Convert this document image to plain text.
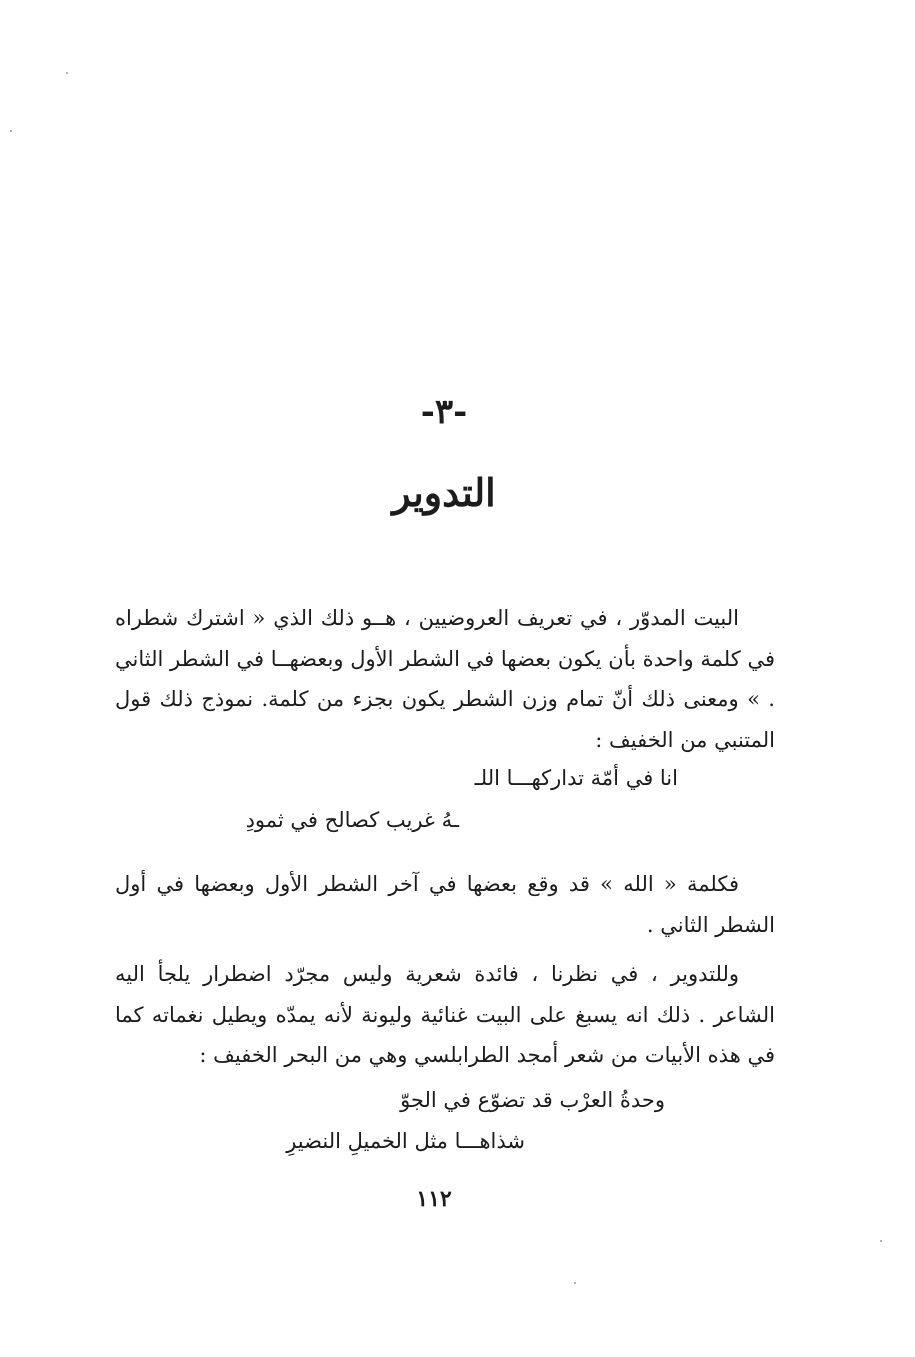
-٣-
التدوير

البيت المدوّر ، في تعريف العروضيين ، هــو ذلك الذي « اشترك شطراه في كلمة واحدة بأن يكون بعضها في الشطر الأول وبعضهــا في الشطر الثاني . » ومعنى ذلك أنّ تمام وزن الشطر يكون بجزء من كلمة. نموذج ذلك قول المتنبي من الخفيف :

انا في أمّة تداركهـــا اللـ
ـهُ غريب كصالح في ثمودِ

فكلمة « الله » قد وقع بعضها في آخر الشطر الأول وبعضها في أول الشطر الثاني .

وللتدوير ، في نظرنا ، فائدة شعرية وليس مجرّد اضطرار يلجأ اليه الشاعر . ذلك انه يسبغ على البيت غنائية وليونة لأنه يمدّه ويطيل نغماته كما في هذه الأبيات من شعر أمجد الطرابلسي وهي من البحر الخفيف :

وحدةُ العرْب قد تضوّع في الجوّ
شذاهـــا مثل الخميلِ النضيرِ
١١٢
